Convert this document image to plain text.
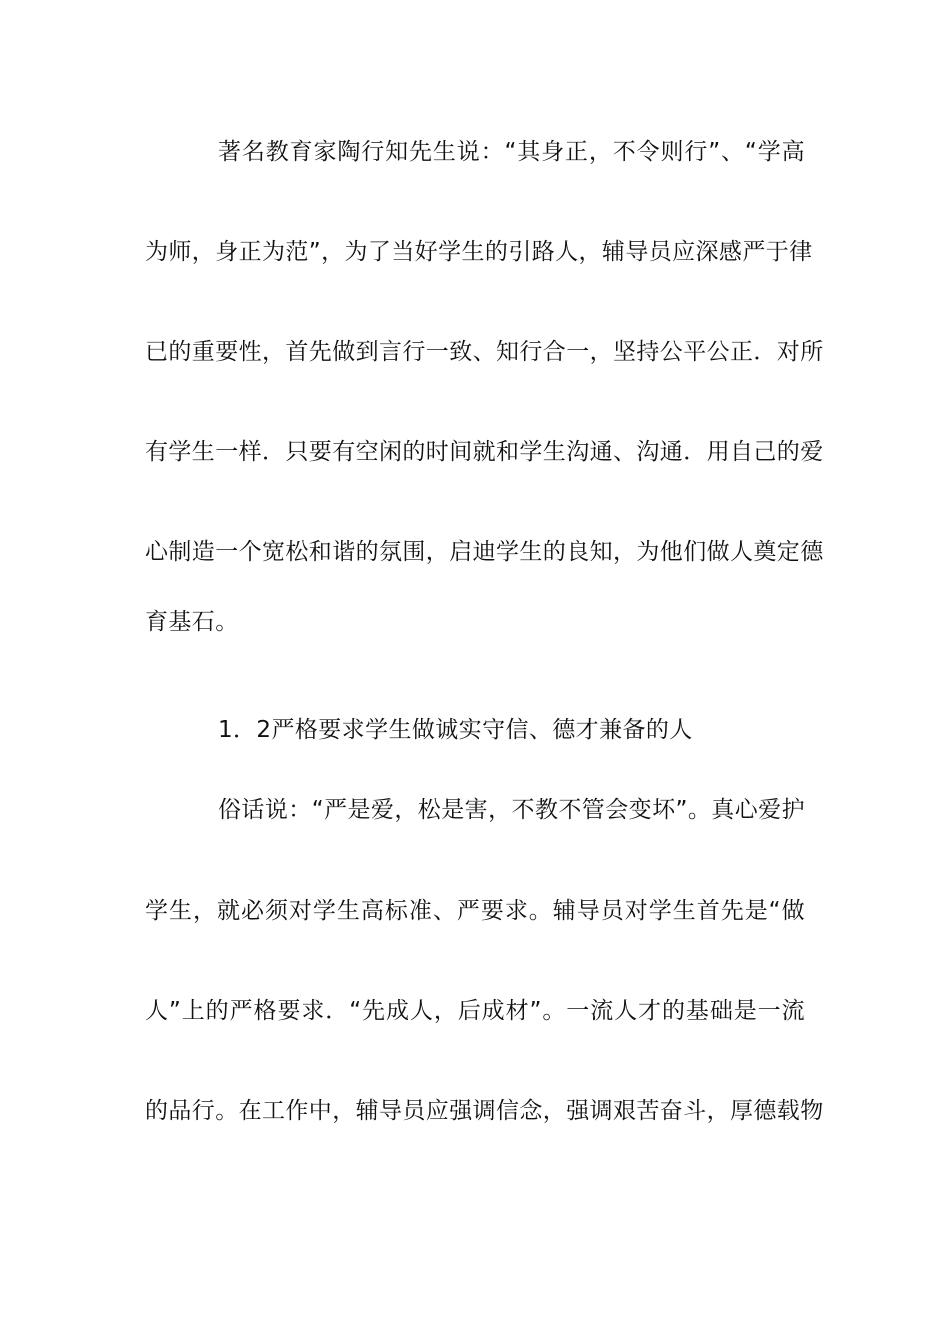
著名教育家陶行知先生说：“其身正，不令则行”、“学高
为师，身正为范”，为了当好学生的引路人，辅导员应深感严于律
已的重要性，首先做到言行一致、知行合一，坚持公平公正．对所
有学生一样．只要有空闲的时间就和学生沟通、沟通．用自己的爱
心制造一个宽松和谐的氛围，启迪学生的良知，为他们做人奠定德
育基石。
1．2严格要求学生做诚实守信、德才兼备的人
俗话说：“严是爱，松是害，不教不管会变坏”。真心爱护
学生，就必须对学生高标准、严要求。辅导员对学生首先是“做
人”上的严格要求．“先成人，后成材”。一流人才的基础是一流
的品行。在工作中，辅导员应强调信念，强调艰苦奋斗，厚德载物
